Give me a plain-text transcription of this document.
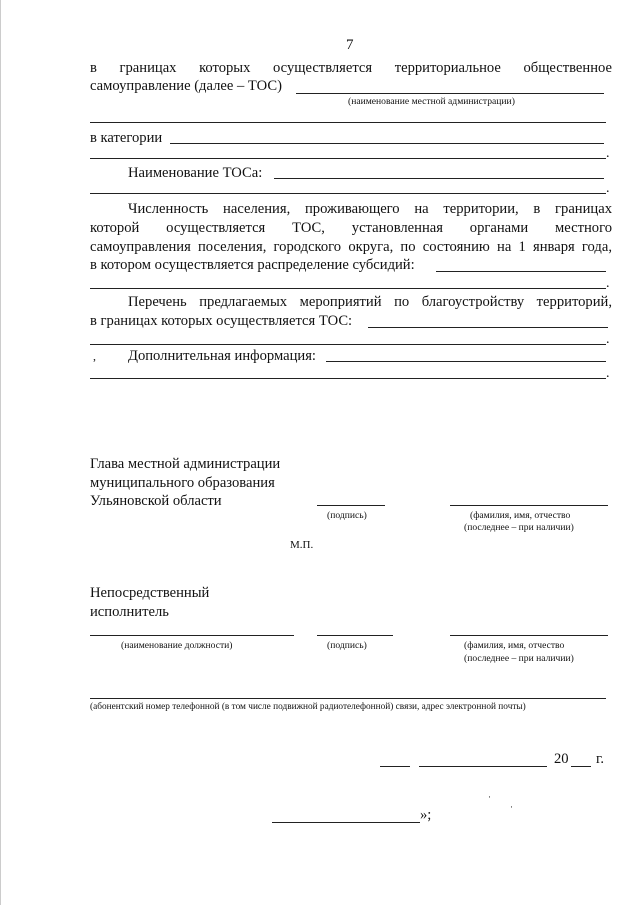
7
в границах которых осуществляется территориальное общественное
самоуправление (далее – ТОС)
(наименование местной администрации)
в категории
.
Наименование ТОСа:
.
Численность населения, проживающего на территории, в границах
которой осуществляется ТОС, установленная органами местного
самоуправления поселения, городского округа, по состоянию на 1 января года,
в котором осуществляется распределение субсидий:
.
Перечень предлагаемых мероприятий по благоустройству территорий,
в границах которых осуществляется ТОС:
.
, Дополнительная информация:
.
Глава местной администрации
муниципального образования
Ульяновской области
(подпись)	(фамилия, имя, отчество
(последнее – при наличии)
М.П.
Непосредственный
исполнитель
(наименование должности)	(подпись)	(фамилия, имя, отчество
(последнее – при наличии)
(абонентский номер телефонной (в том числе подвижной радиотелефонной) связи, адрес электронной почты)
20 г.
·
·
»;
